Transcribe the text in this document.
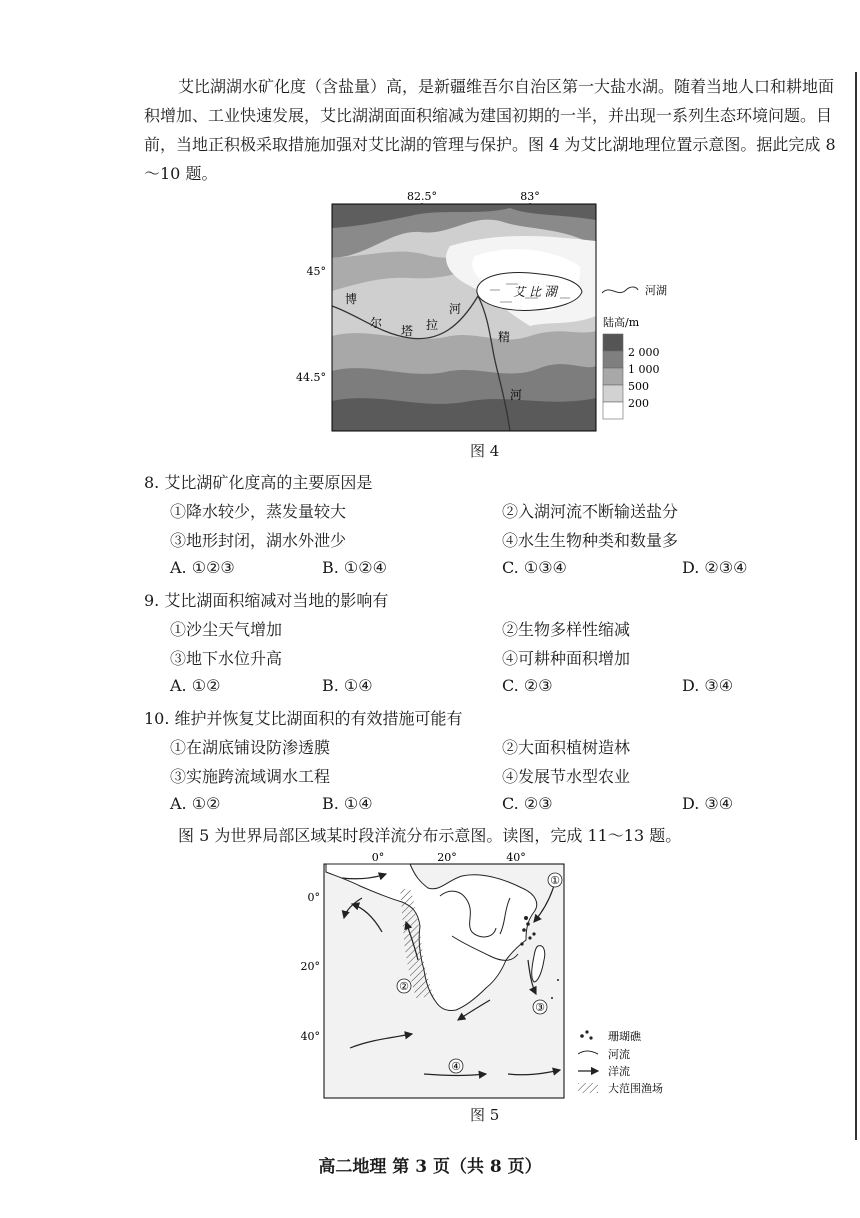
艾比湖湖水矿化度（含盐量）高，是新疆维吾尔自治区第一大盐水湖。随着当地人口和耕地面积增加、工业快速发展，艾比湖湖面面积缩减为建国初期的一半，并出现一系列生态环境问题。目前，当地正积极采取措施加强对艾比湖的管理与保护。图 4 为艾比湖地理位置示意图。据此完成 8～10 题。
82.5°	83°
45°
44.5°
艾 比 湖
博
尔
塔 拉
河
精
河
河湖
陆高/m
2 000
1 000
500
200
图 4
8. 艾比湖矿化度高的主要原因是
①降水较少，蒸发量较大	②入湖河流不断输送盐分
③地形封闭，湖水外泄少	④水生生物种类和数量多
A. ①②③	B. ①②④	C. ①③④	D. ②③④
9. 艾比湖面积缩减对当地的影响有
①沙尘天气增加	②生物多样性缩减
③地下水位升高	④可耕种面积增加
A. ①②	B. ①④	C. ②③	D. ③④
10. 维护并恢复艾比湖面积的有效措施可能有
①在湖底铺设防渗透膜	②大面积植树造林
③实施跨流域调水工程	④发展节水型农业
A. ①②	B. ①④	C. ②③	D. ③④
图 5 为世界局部区域某时段洋流分布示意图。读图，完成 11～13 题。
0°	20°	40°
0°
20°
40°
①
②
③
④
珊瑚礁
河流
洋流
大范围渔场
图 5
高二地理 第 3 页（共 8 页）
